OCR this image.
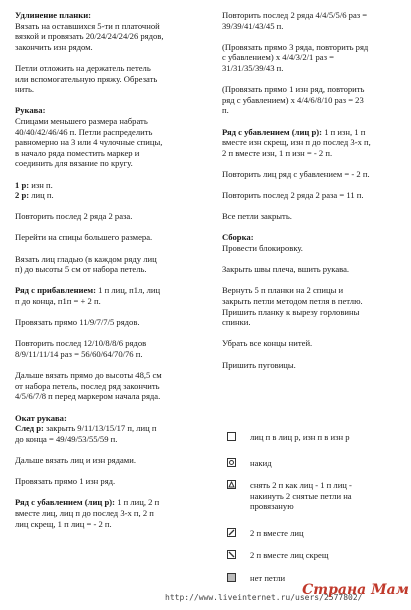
Удлинение планки:
Вязать на оставшихся 5-ти п платочной
вязкой и провязать 20/24/24/24/26 рядов,
закончить изн рядом.
Петли отложить на держатель петель
или вспомогательную пряжу. Обрезать
нить.
Рукава:
Спицами меньшего размера набрать
40/40/42/46/46 п. Петли распределить
равномерно на 3 или 4 чулочные спицы,
в начало ряда поместить маркер и
соединить для вязание по кругу.
1 р: изн п.
2 р: лиц п.
Повторить послед 2 ряда 2 раза.
Перейти на спицы большего размера.
Вязать лиц гладью (в каждом ряду лиц
п) до высоты 5 см от набора петель.
Ряд с прибавлением: 1 п лиц, п1л, лиц
п до конца, п1п = + 2 п.
Провязать прямо 11/9/7/7/5 рядов.
Повторить послед 12/10/8/8/6 рядов
8/9/11/11/14 раз = 56/60/64/70/76 п.
Дальше вязать прямо до высоты 48,5 см
от набора петель, послед ряд закончить
4/5/6/7/8 п перед маркером начала ряда.
Окат рукава:
След р: закрыть 9/11/13/15/17 п, лиц п
до конца = 49/49/53/55/59 п.
Дальше вязать лиц и изн рядами.
Провязать прямо 1 изн ряд.
Ряд с убавлением (лиц р): 1 п лиц, 2 п
вместе лиц, лиц п до послед 3-х п, 2 п
лиц скрещ, 1 п лиц = - 2 п.
Повторить послед 2 ряда 4/4/5/5/6 раз =
39/39/41/43/45 п.
(Провязать прямо 3 ряда, повторить ряд
с убавлением) x 4/4/3/2/1 раз =
31/31/35/39/43 п.
(Провязать прямо 1 изн ряд, повторить
ряд с убавлением) x 4/4/6/8/10 раз = 23
п.
Ряд с убавлением (лиц р): 1 п изн, 1 п
вместе изн скрещ, изн п до послед 3-х п,
2 п вместе изн, 1 п изн = - 2 п.
Повторить лиц ряд с убавлением = - 2 п.
Повторить послед 2 ряда 2 раза = 11 п.
Все петли закрыть.
Сборка:
Провести блокировку.
Закрыть швы плеча, вшить рукава.
Вернуть 5 п планки на 2 спицы и
закрыть петли методом петля в петлю.
Пришить планку к вырезу горловины
спинки.
Убрать все концы нитей.
Пришить пуговицы.
лиц п в лиц р, изн п в изн р
накид
снять 2 п как лиц - 1 п лиц -
накинуть 2 снятые петли на
провязаную
2 п вместе лиц
2 п вместе лиц скрещ
нет петли
http://www.liveinternet.ru/users/2577802/
Страна Мам
